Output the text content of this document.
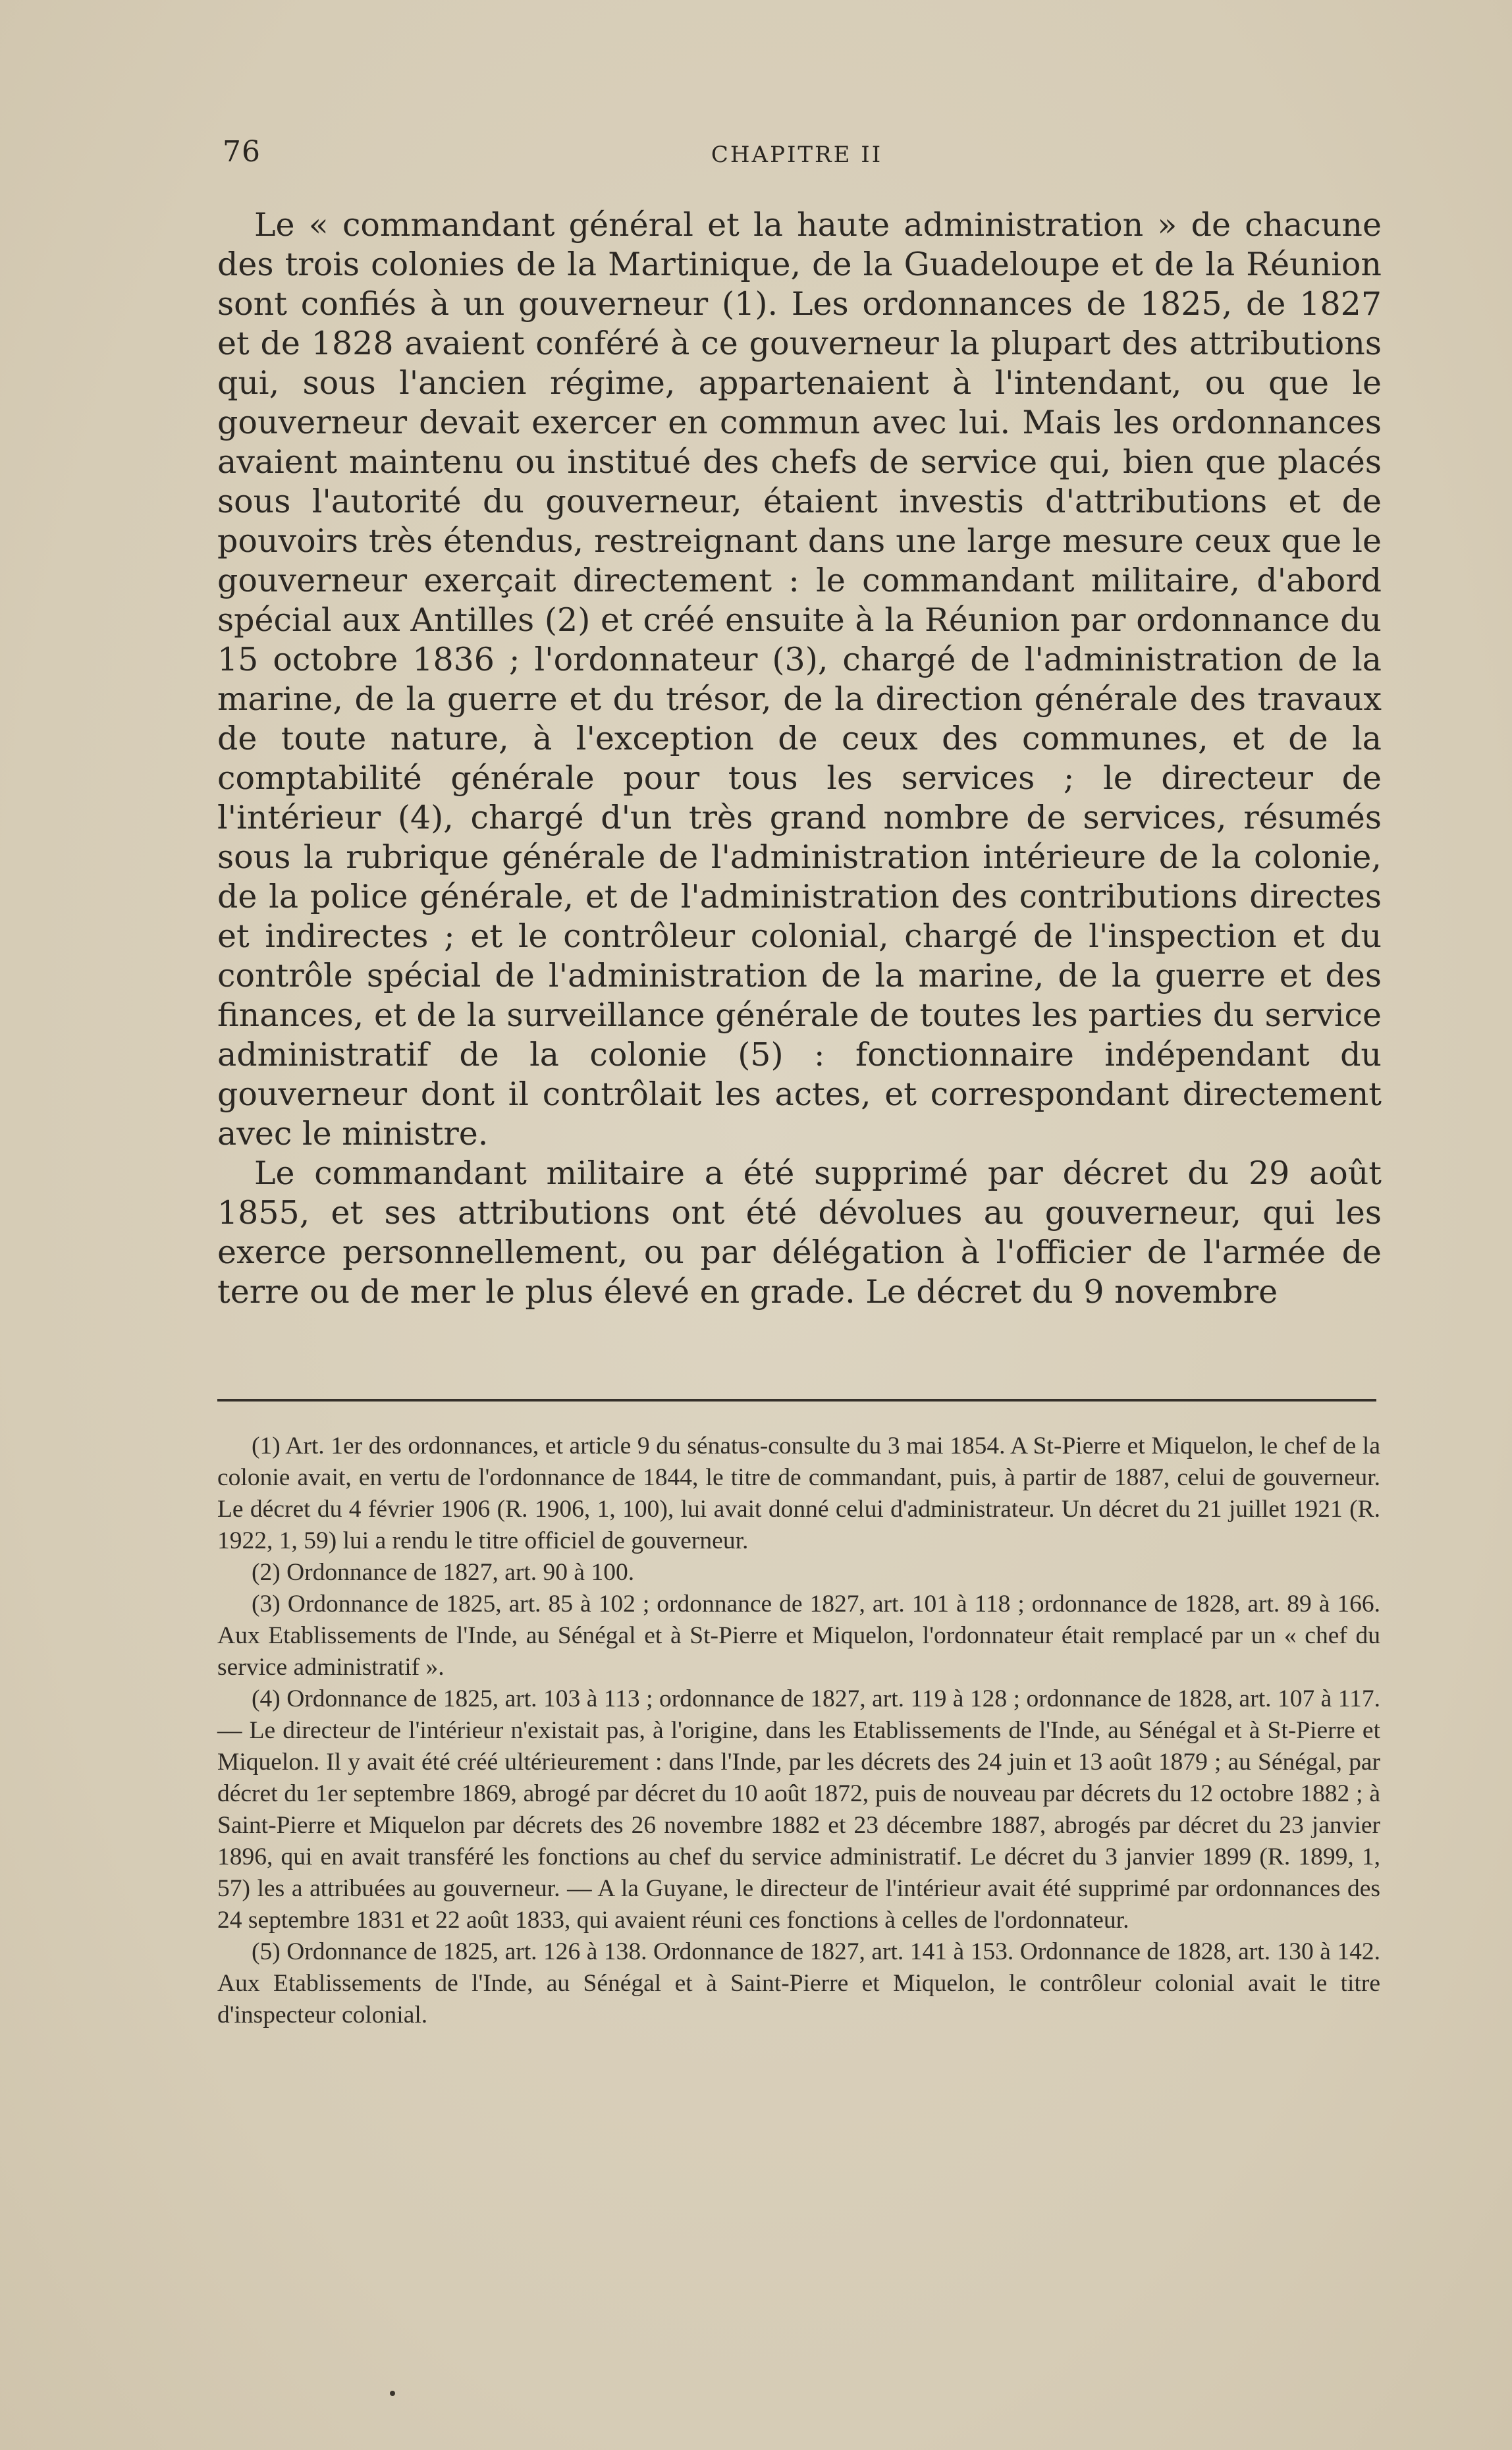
76	CHAPITRE II

Le « commandant général et la haute administration » de chacune des trois colonies de la Martinique, de la Guadeloupe et de la Réunion sont confiés à un gouverneur (1). Les ordonnances de 1825, de 1827 et de 1828 avaient conféré à ce gouverneur la plupart des attributions qui, sous l'ancien régime, appartenaient à l'intendant, ou que le gouverneur devait exercer en commun avec lui. Mais les ordonnances avaient maintenu ou institué des chefs de service qui, bien que placés sous l'autorité du gouverneur, étaient investis d'attributions et de pouvoirs très étendus, restreignant dans une large mesure ceux que le gouverneur exerçait directement : le commandant militaire, d'abord spécial aux Antilles (2) et créé ensuite à la Réunion par ordonnance du 15 octobre 1836 ; l'ordonnateur (3), chargé de l'administration de la marine, de la guerre et du trésor, de la direction générale des travaux de toute nature, à l'exception de ceux des communes, et de la comptabilité générale pour tous les services ; le directeur de l'intérieur (4), chargé d'un très grand nombre de services, résumés sous la rubrique générale de l'administration intérieure de la colonie, de la police générale, et de l'administration des contributions directes et indirectes ; et le contrôleur colonial, chargé de l'inspection et du contrôle spécial de l'administration de la marine, de la guerre et des finances, et de la surveillance générale de toutes les parties du service administratif de la colonie (5) : fonctionnaire indépendant du gouverneur dont il contrôlait les actes, et correspondant directement avec le ministre.

Le commandant militaire a été supprimé par décret du 29 août 1855, et ses attributions ont été dévolues au gouverneur, qui les exerce personnellement, ou par délégation à l'officier de l'armée de terre ou de mer le plus élevé en grade. Le décret du 9 novembre

(1) Art. 1er des ordonnances, et article 9 du sénatus-consulte du 3 mai 1854. A St-Pierre et Miquelon, le chef de la colonie avait, en vertu de l'ordonnance de 1844, le titre de commandant, puis, à partir de 1887, celui de gouverneur. Le décret du 4 février 1906 (R. 1906, 1, 100), lui avait donné celui d'administrateur. Un décret du 21 juillet 1921 (R. 1922, 1, 59) lui a rendu le titre officiel de gouverneur.

(2) Ordonnance de 1827, art. 90 à 100.

(3) Ordonnance de 1825, art. 85 à 102 ; ordonnance de 1827, art. 101 à 118 ; ordonnance de 1828, art. 89 à 166. Aux Etablissements de l'Inde, au Sénégal et à St-Pierre et Miquelon, l'ordonnateur était remplacé par un « chef du service administratif ».

(4) Ordonnance de 1825, art. 103 à 113 ; ordonnance de 1827, art. 119 à 128 ; ordonnance de 1828, art. 107 à 117. — Le directeur de l'intérieur n'existait pas, à l'origine, dans les Etablissements de l'Inde, au Sénégal et à St-Pierre et Miquelon. Il y avait été créé ultérieurement : dans l'Inde, par les décrets des 24 juin et 13 août 1879 ; au Sénégal, par décret du 1er septembre 1869, abrogé par décret du 10 août 1872, puis de nouveau par décrets du 12 octobre 1882 ; à Saint-Pierre et Miquelon par décrets des 26 novembre 1882 et 23 décembre 1887, abrogés par décret du 23 janvier 1896, qui en avait transféré les fonctions au chef du service administratif. Le décret du 3 janvier 1899 (R. 1899, 1, 57) les a attribuées au gouverneur. — A la Guyane, le directeur de l'intérieur avait été supprimé par ordonnances des 24 septembre 1831 et 22 août 1833, qui avaient réuni ces fonctions à celles de l'ordonnateur.

(5) Ordonnance de 1825, art. 126 à 138. Ordonnance de 1827, art. 141 à 153. Ordonnance de 1828, art. 130 à 142. Aux Etablissements de l'Inde, au Sénégal et à Saint-Pierre et Miquelon, le contrôleur colonial avait le titre d'inspecteur colonial.
